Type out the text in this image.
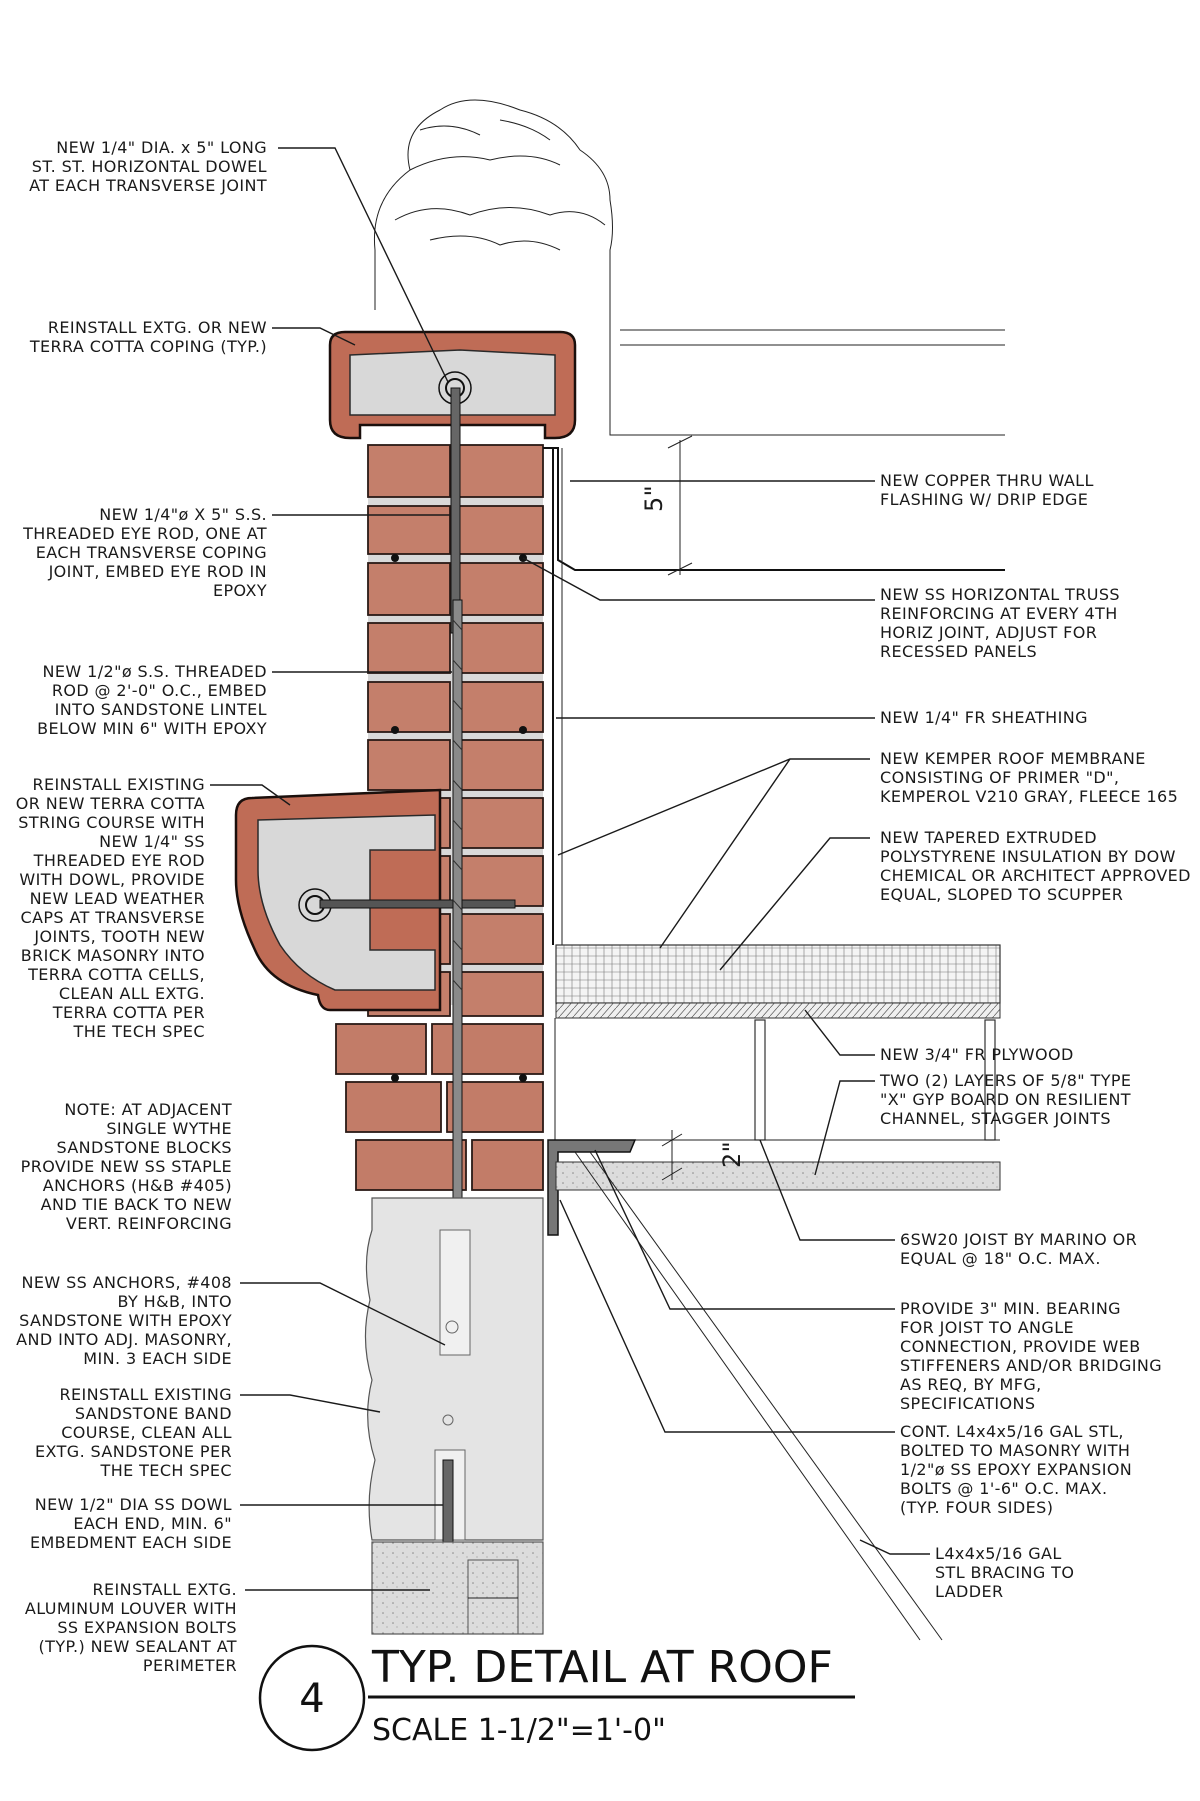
5"
2"
NEW 1/4" DIA. x 5" LONG
ST. ST. HORIZONTAL DOWEL
AT EACH TRANSVERSE JOINT
REINSTALL EXTG. OR NEW
TERRA COTTA COPING (TYP.)
NEW 1/4"ø X 5" S.S.
THREADED EYE ROD, ONE AT
EACH TRANSVERSE COPING
JOINT, EMBED EYE ROD IN
EPOXY
NEW 1/2"ø S.S. THREADED
ROD @ 2'-0" O.C., EMBED
INTO SANDSTONE LINTEL
BELOW MIN 6" WITH EPOXY
REINSTALL EXISTING
OR NEW TERRA COTTA
STRING COURSE WITH
NEW 1/4" SS
THREADED EYE ROD
WITH DOWL, PROVIDE
NEW LEAD WEATHER
CAPS AT TRANSVERSE
JOINTS, TOOTH NEW
BRICK MASONRY INTO
TERRA COTTA CELLS,
CLEAN ALL EXTG.
TERRA COTTA PER
THE TECH SPEC
NOTE: AT ADJACENT
SINGLE WYTHE
SANDSTONE BLOCKS
PROVIDE NEW SS STAPLE
ANCHORS (H&B #405)
AND TIE BACK TO NEW
VERT. REINFORCING
NEW SS ANCHORS, #408
BY H&B, INTO
SANDSTONE WITH EPOXY
AND INTO ADJ. MASONRY,
MIN. 3 EACH SIDE
REINSTALL EXISTING
SANDSTONE BAND
COURSE, CLEAN ALL
EXTG. SANDSTONE PER
THE TECH SPEC
NEW 1/2" DIA SS DOWL
EACH END, MIN. 6"
EMBEDMENT EACH SIDE
REINSTALL EXTG.
ALUMINUM LOUVER WITH
SS EXPANSION BOLTS
(TYP.) NEW SEALANT AT
PERIMETER
NEW COPPER THRU WALL
FLASHING W/ DRIP EDGE
NEW SS HORIZONTAL TRUSS
REINFORCING AT EVERY 4TH
HORIZ JOINT, ADJUST FOR
RECESSED PANELS
NEW 1/4" FR SHEATHING
NEW KEMPER ROOF MEMBRANE
CONSISTING OF PRIMER "D",
KEMPEROL V210 GRAY, FLEECE 165
NEW TAPERED EXTRUDED
POLYSTYRENE INSULATION BY DOW
CHEMICAL OR ARCHITECT APPROVED
EQUAL, SLOPED TO SCUPPER
NEW 3/4" FR PLYWOOD
TWO (2) LAYERS OF 5/8" TYPE
"X" GYP BOARD ON RESILIENT
CHANNEL, STAGGER JOINTS
6SW20 JOIST BY MARINO OR
EQUAL @ 18" O.C. MAX.
PROVIDE 3" MIN. BEARING
FOR JOIST TO ANGLE
CONNECTION, PROVIDE WEB
STIFFENERS AND/OR BRIDGING
AS REQ, BY MFG,
SPECIFICATIONS
CONT. L4x4x5/16 GAL STL,
BOLTED TO MASONRY WITH
1/2"ø SS EPOXY EXPANSION
BOLTS @ 1'-6" O.C. MAX.
(TYP. FOUR SIDES)
L4x4x5/16 GAL
STL BRACING TO
LADDER
4
TYP. DETAIL AT ROOF
SCALE 1-1/2"=1'-0"
